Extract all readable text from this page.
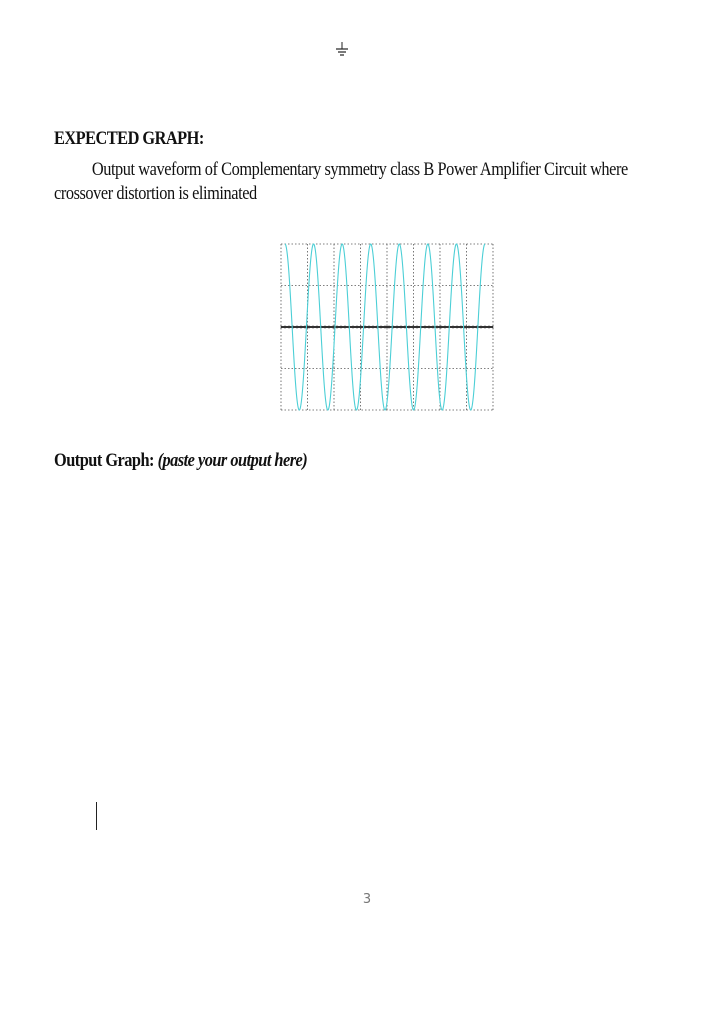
EXPECTED GRAPH:

Output waveform of Complementary symmetry class B Power Amplifier Circuit where crossover distortion is eliminated

Output Graph: (paste your output here)

3
